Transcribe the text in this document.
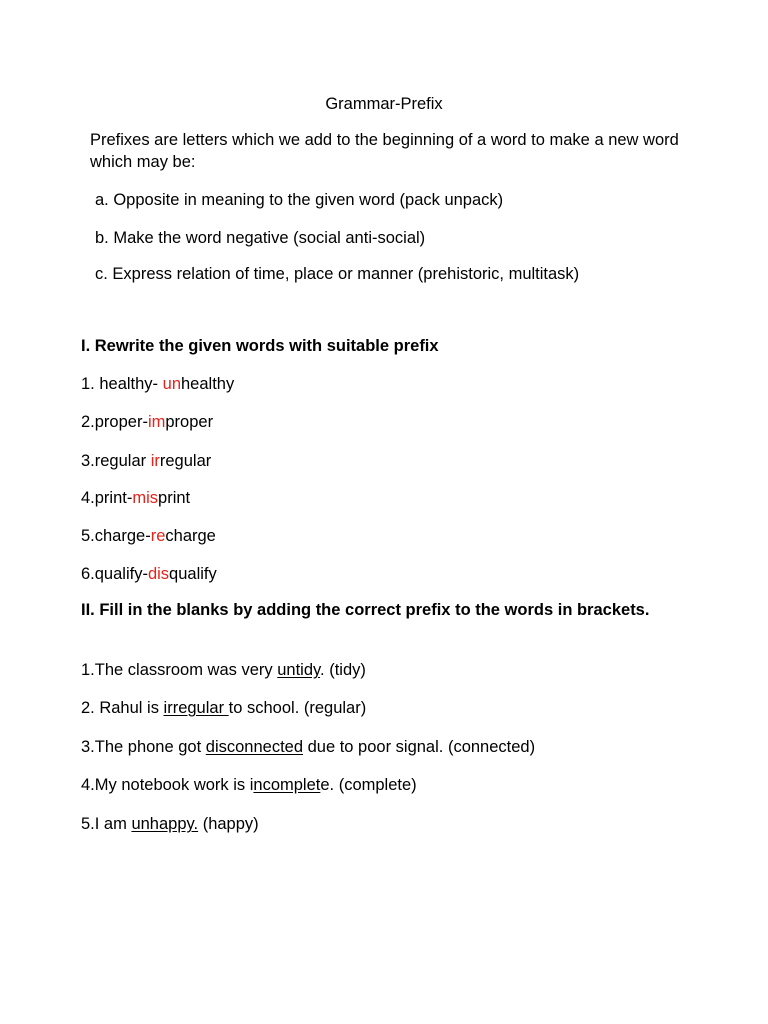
Grammar-Prefix
Prefixes are letters which we add to the beginning of a word to make a new word which may be:
a. Opposite in meaning to the given word (pack unpack)
b. Make the word negative (social anti-social)
c. Express relation of time, place or manner (prehistoric, multitask)
I. Rewrite the given words with suitable prefix
1. healthy- unhealthy
2.proper-improper
3.regular irregular
4.print-misprint
5.charge-recharge
6.qualify-disqualify
II. Fill in the blanks by adding the correct prefix to the words in brackets.
1.The classroom was very untidy. (tidy)
2. Rahul is irregular to school. (regular)
3.The phone got disconnected due to poor signal. (connected)
4.My notebook work is incomplete. (complete)
5.I am unhappy. (happy)
